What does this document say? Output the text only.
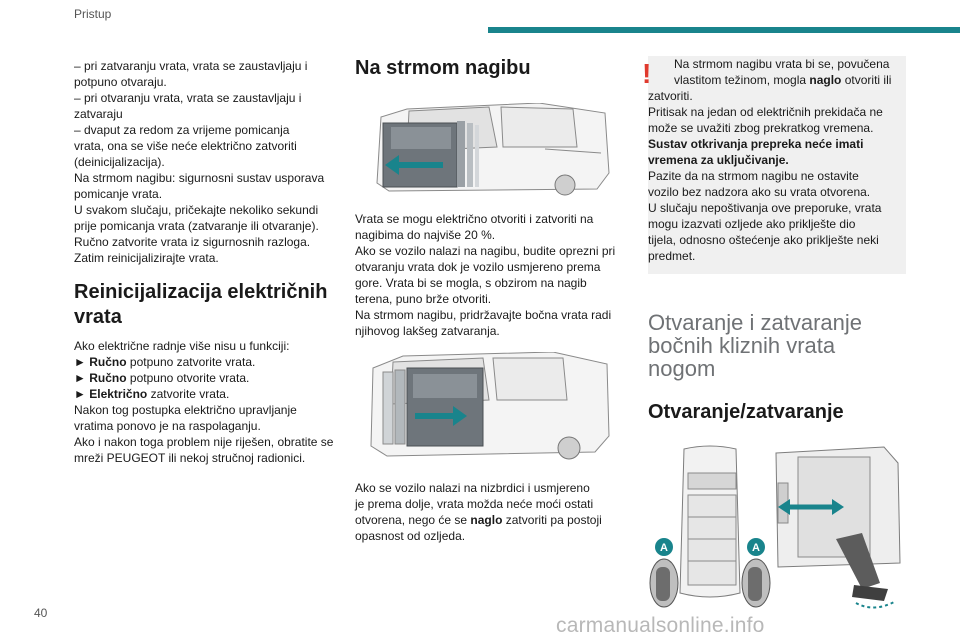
Pristup

– pri zatvaranju vrata, vrata se zaustavljaju i

potpuno otvaraju.

– pri otvaranju vrata, vrata se zaustavljaju i

zatvaraju

– dvaput za redom za vrijeme pomicanja

vrata, ona se više neće električno zatvoriti

(deinicijalizacija).

Na strmom nagibu: sigurnosni sustav usporava

pomicanje vrata.

U svakom slučaju, pričekajte nekoliko sekundi

prije pomicanja vrata (zatvaranje ili otvaranje).

Ručno zatvorite vrata iz sigurnosnih razloga.

Zatim reinicijalizirajte vrata.

Reinicijalizacija električnih vrata

Ako električne radnje više nisu u funkciji:

► Ručno potpuno zatvorite vrata.

► Ručno potpuno otvorite vrata.

► Električno zatvorite vrata.

Nakon tog postupka električno upravljanje

vratima ponovo je na raspolaganju.

Ako i nakon toga problem nije riješen, obratite se

mreži PEUGEOT ili nekoj stručnoj radionici.

Na strmom nagibu

Vrata se mogu električno otvoriti i zatvoriti na

nagibima do najviše 20 %.

Ako se vozilo nalazi na nagibu, budite oprezni pri

otvaranju vrata dok je vozilo usmjereno prema

gore. Vrata bi se mogla, s obzirom na nagib

terena, puno brže otvoriti.

Na strmom nagibu, pridržavajte bočna vrata radi

njihovog lakšeg zatvaranja.

Ako se vozilo nalazi na nizbrdici i usmjereno

je prema dolje, vrata možda neće moći ostati

otvorena, nego će se naglo zatvoriti pa postoji

opasnost od ozljeda.

!	Na strmom nagibu vrata bi se, povučena

vlastitom težinom, mogla naglo otvoriti ili

zatvoriti.

Pritisak na jedan od električnih prekidača ne

može se uvažiti zbog prekratkog vremena.

Sustav otkrivanja prepreka neće imati

vremena za uključivanje.

Pazite da na strmom nagibu ne ostavite

vozilo bez nadzora ako su vrata otvorena.

U slučaju nepoštivanja ove preporuke, vrata

mogu izazvati ozljede ako priklješte dio

tijela, odnosno oštećenje ako priklješte neki

predmet.

Otvaranje i zatvaranje
bočnih kliznih vrata
nogom
Otvaranje/zatvaranje
A	A
40
carmanualsonline.info
